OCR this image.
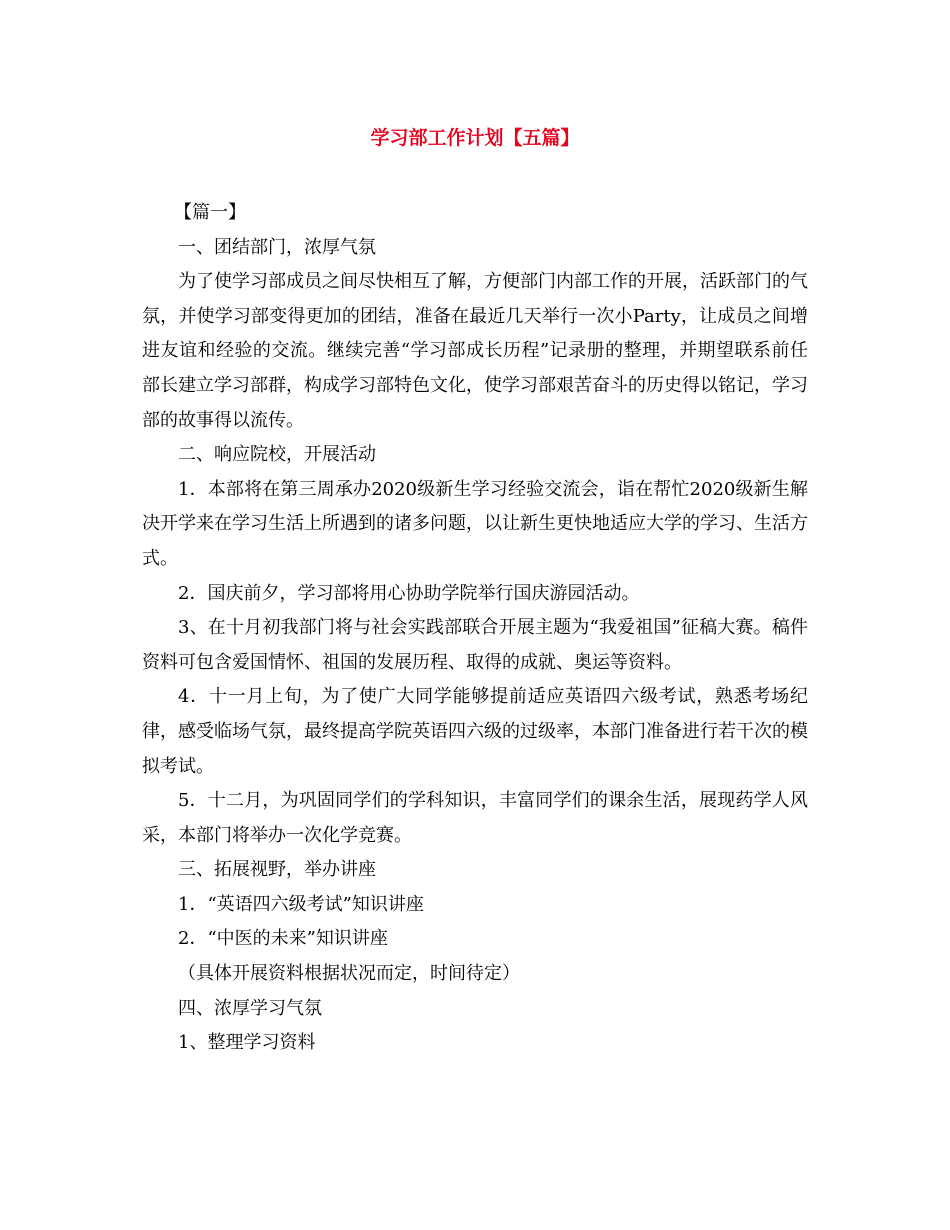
学习部工作计划【五篇】

【篇一】

一、团结部门，浓厚气氛

为了使学习部成员之间尽快相互了解，方便部门内部工作的开展，活跃部门的气氛，并使学习部变得更加的团结，准备在最近几天举行一次小Party，让成员之间增进友谊和经验的交流。继续完善“学习部成长历程”记录册的整理，并期望联系前任部长建立学习部群，构成学习部特色文化，使学习部艰苦奋斗的历史得以铭记，学习部的故事得以流传。

二、响应院校，开展活动

1．本部将在第三周承办2020级新生学习经验交流会，诣在帮忙2020级新生解决开学来在学习生活上所遇到的诸多问题，以让新生更快地适应大学的学习、生活方式。

2．国庆前夕，学习部将用心协助学院举行国庆游园活动。

3、在十月初我部门将与社会实践部联合开展主题为“我爱祖国”征稿大赛。稿件资料可包含爱国情怀、祖国的发展历程、取得的成就、奥运等资料。

4．十一月上旬，为了使广大同学能够提前适应英语四六级考试，熟悉考场纪律，感受临场气氛，最终提高学院英语四六级的过级率，本部门准备进行若干次的模拟考试。

5．十二月，为巩固同学们的学科知识，丰富同学们的课余生活，展现药学人风采，本部门将举办一次化学竞赛。

三、拓展视野，举办讲座

1．“英语四六级考试”知识讲座

2．“中医的未来”知识讲座

（具体开展资料根据状况而定，时间待定）

四、浓厚学习气氛

1、整理学习资料
